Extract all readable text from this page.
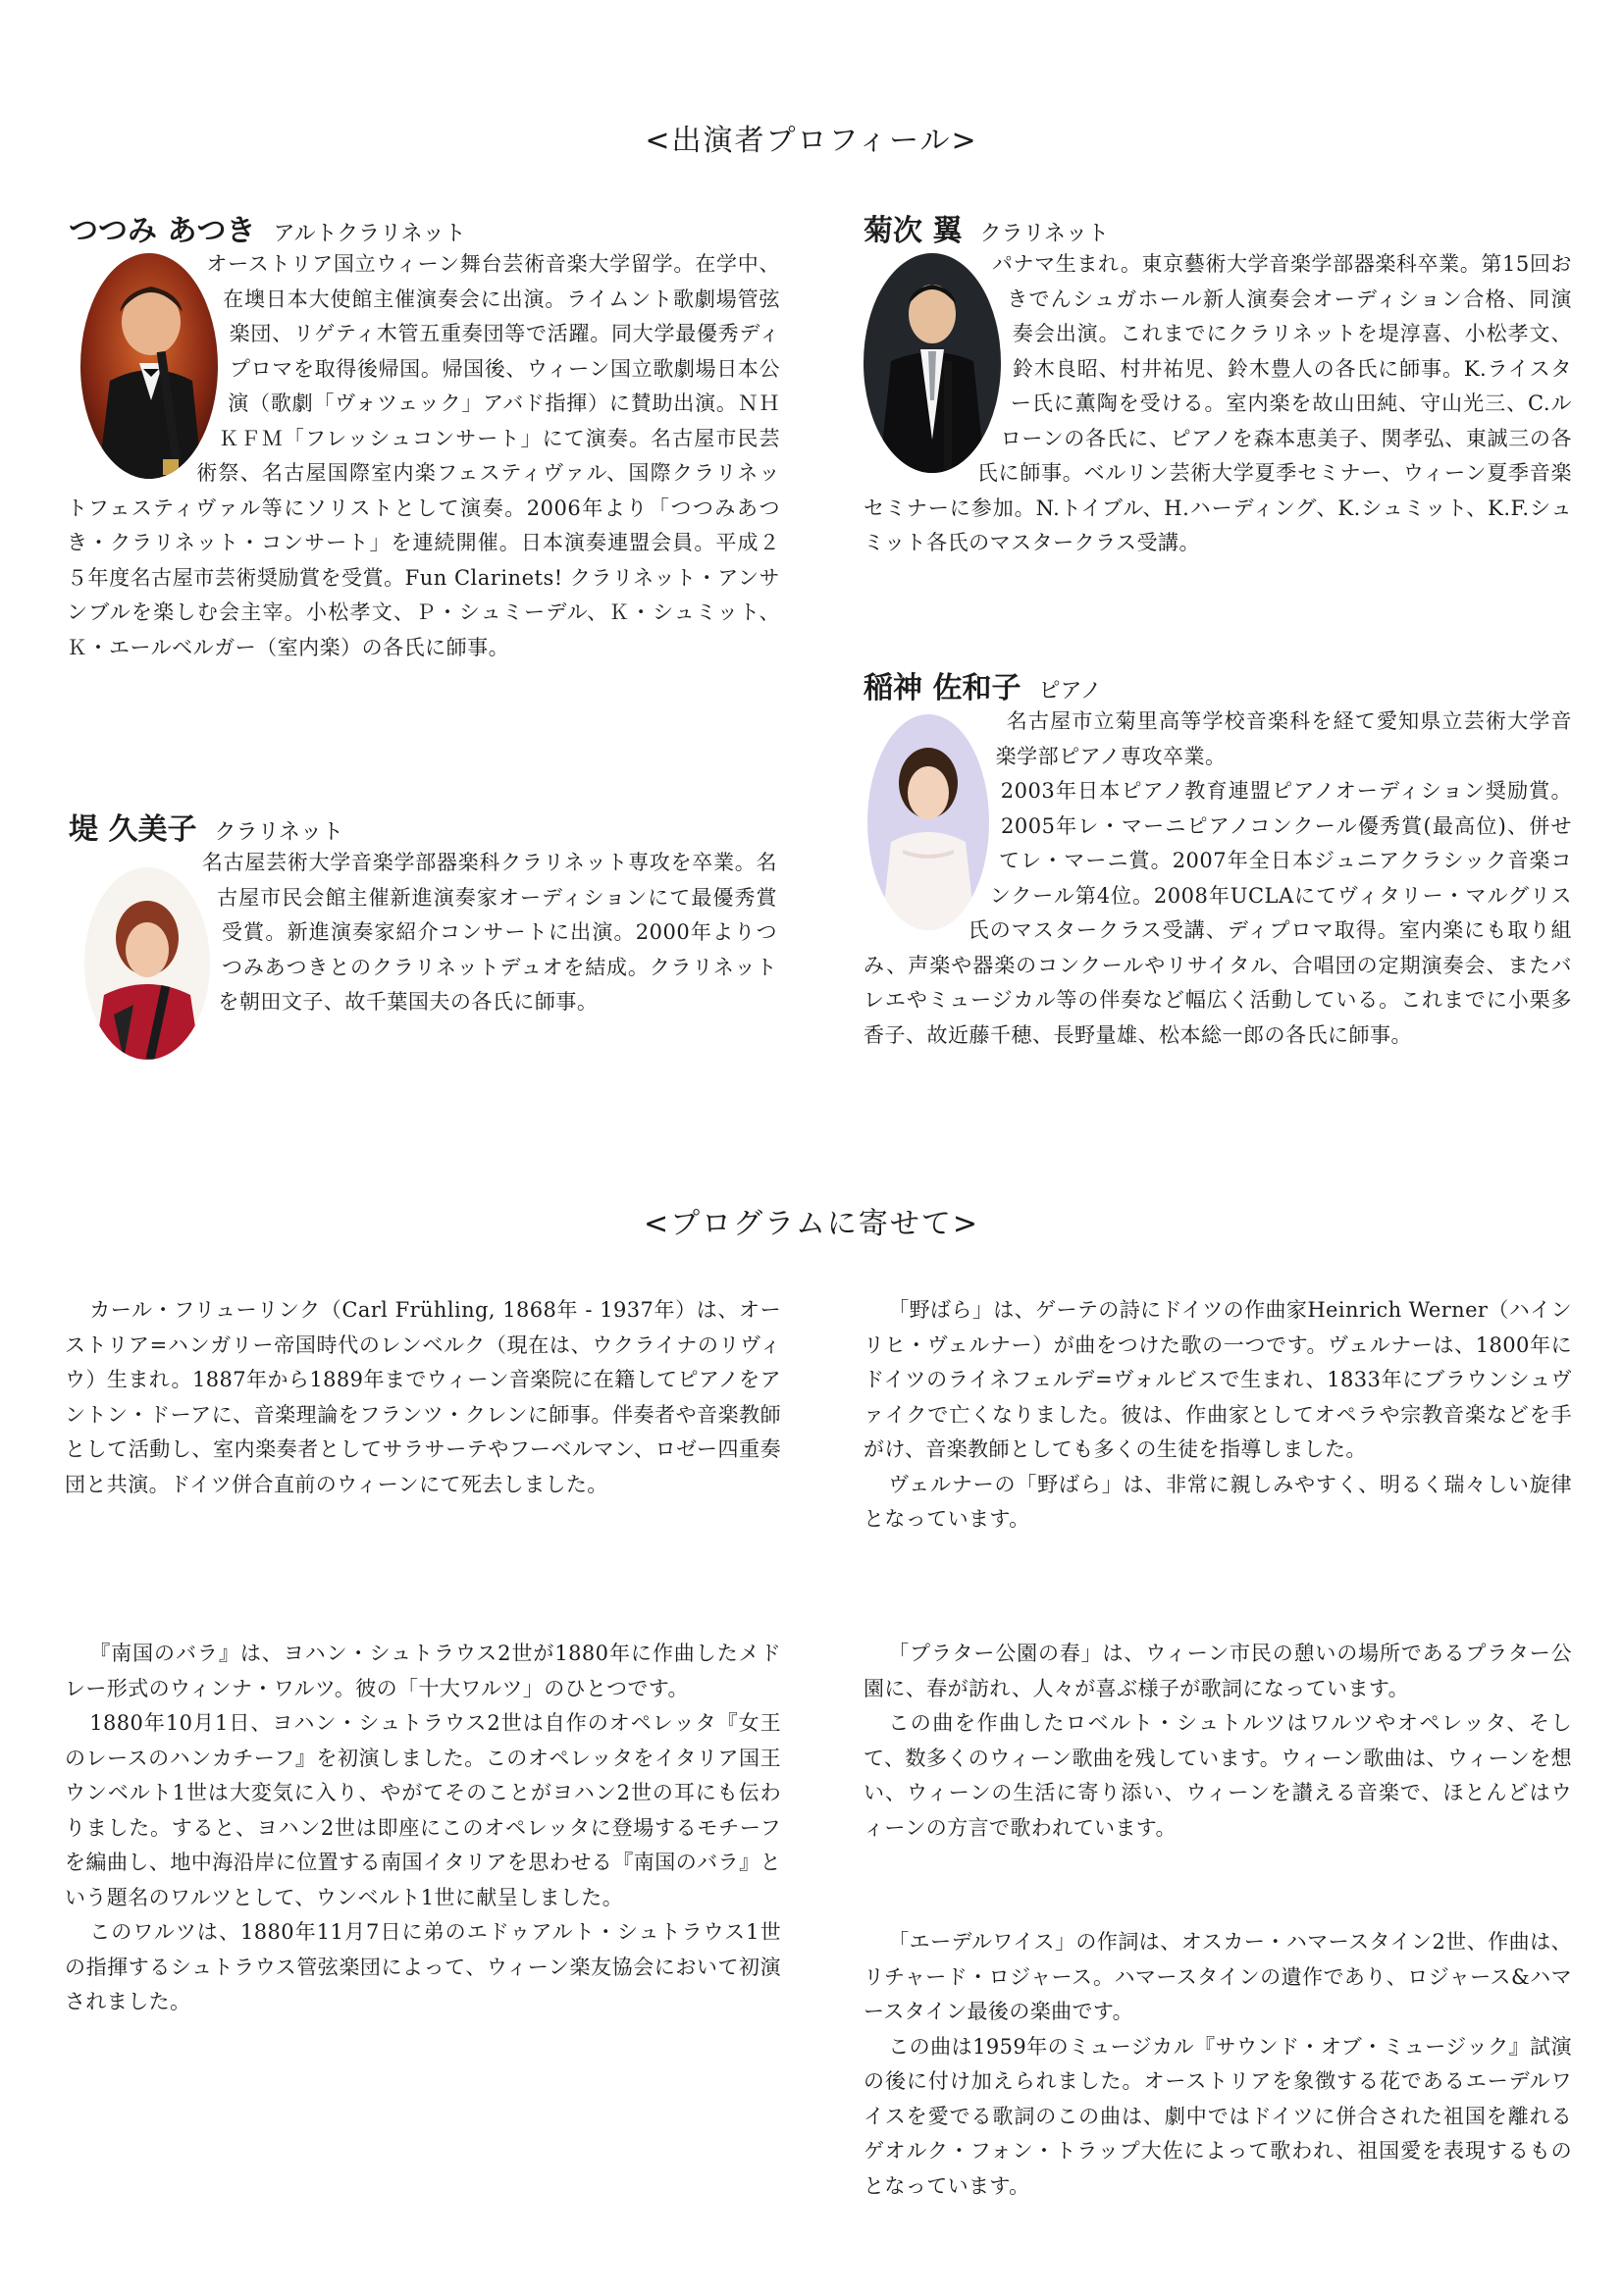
<出演者プロフィール>
つつみ あつき アルトクラリネット
オーストリア国立ウィーン舞台芸術音楽大学留学。在学中、在墺日本大使館主催演奏会に出演。ライムント歌劇場管弦楽団、リゲティ木管五重奏団等で活躍。同大学最優秀ディプロマを取得後帰国。帰国後、ウィーン国立歌劇場日本公演（歌劇「ヴォツェック」アバド指揮）に賛助出演。ＮＨＫＦＭ「フレッシュコンサート」にて演奏。名古屋市民芸術祭、名古屋国際室内楽フェスティヴァル、国際クラリネットフェスティヴァル等にソリストとして演奏。2006年より「つつみあつき・クラリネット・コンサート」を連続開催。日本演奏連盟会員。平成２５年度名古屋市芸術奨励賞を受賞。Fun Clarinets! クラリネット・アンサンブルを楽しむ会主宰。小松孝文、Ｐ・シュミーデル、Ｋ・シュミット、Ｋ・エールベルガー（室内楽）の各氏に師事。
堤 久美子 クラリネット
名古屋芸術大学音楽学部器楽科クラリネット専攻を卒業。名古屋市民会館主催新進演奏家オーディションにて最優秀賞受賞。新進演奏家紹介コンサートに出演。2000年よりつつみあつきとのクラリネットデュオを結成。クラリネットを朝田文子、故千葉国夫の各氏に師事。
菊次 翼 クラリネット
パナマ生まれ。東京藝術大学音楽学部器楽科卒業。第15回おきでんシュガホール新人演奏会オーディション合格、同演奏会出演。これまでにクラリネットを堤淳喜、小松孝文、鈴木良昭、村井祐児、鈴木豊人の各氏に師事。K.ライスター氏に薫陶を受ける。室内楽を故山田純、守山光三、C.ルローンの各氏に、ピアノを森本恵美子、関孝弘、東誠三の各氏に師事。ベルリン芸術大学夏季セミナー、ウィーン夏季音楽セミナーに参加。N.トイブル、H.ハーディング、K.シュミット、K.F.シュミット各氏のマスタークラス受講。
稲神 佐和子 ピアノ
名古屋市立菊里高等学校音楽科を経て愛知県立芸術大学音楽学部ピアノ専攻卒業。
2003年日本ピアノ教育連盟ピアノオーディション奨励賞。2005年レ・マーニピアノコンクール優秀賞(最高位)、併せてレ・マーニ賞。2007年全日本ジュニアクラシック音楽コンクール第4位。2008年UCLAにてヴィタリー・マルグリス氏のマスタークラス受講、ディプロマ取得。室内楽にも取り組み、声楽や器楽のコンクールやリサイタル、合唱団の定期演奏会、またバレエやミュージカル等の伴奏など幅広く活動している。これまでに小栗多香子、故近藤千穂、長野量雄、松本総一郎の各氏に師事。
<プログラムに寄せて>

カール・フリューリンク（Carl Frühling, 1868年 - 1937年）は、オーストリア=ハンガリー帝国時代のレンベルク（現在は、ウクライナのリヴィウ）生まれ。1887年から1889年までウィーン音楽院に在籍してピアノをアントン・ドーアに、音楽理論をフランツ・クレンに師事。伴奏者や音楽教師として活動し、室内楽奏者としてサラサーテやフーベルマン、ロゼー四重奏団と共演。ドイツ併合直前のウィーンにて死去しました。

『南国のバラ』は、ヨハン・シュトラウス2世が1880年に作曲したメドレー形式のウィンナ・ワルツ。彼の「十大ワルツ」のひとつです。

1880年10月1日、ヨハン・シュトラウス2世は自作のオペレッタ『女王のレースのハンカチーフ』を初演しました。このオペレッタをイタリア国王ウンベルト1世は大変気に入り、やがてそのことがヨハン2世の耳にも伝わりました。すると、ヨハン2世は即座にこのオペレッタに登場するモチーフを編曲し、地中海沿岸に位置する南国イタリアを思わせる『南国のバラ』という題名のワルツとして、ウンベルト1世に献呈しました。

このワルツは、1880年11月7日に弟のエドゥアルト・シュトラウス1世の指揮するシュトラウス管弦楽団によって、ウィーン楽友協会において初演されました。

「野ばら」は、ゲーテの詩にドイツの作曲家Heinrich Werner（ハインリヒ・ヴェルナー）が曲をつけた歌の一つです。ヴェルナーは、1800年にドイツのライネフェルデ=ヴォルビスで生まれ、1833年にブラウンシュヴァイクで亡くなりました。彼は、作曲家としてオペラや宗教音楽などを手がけ、音楽教師としても多くの生徒を指導しました。

ヴェルナーの「野ばら」は、非常に親しみやすく、明るく瑞々しい旋律となっています。

「プラター公園の春」は、ウィーン市民の憩いの場所であるプラター公園に、春が訪れ、人々が喜ぶ様子が歌詞になっています。

この曲を作曲したロベルト・シュトルツはワルツやオペレッタ、そして、数多くのウィーン歌曲を残しています。ウィーン歌曲は、ウィーンを想い、ウィーンの生活に寄り添い、ウィーンを讃える音楽で、ほとんどはウィーンの方言で歌われています。

「エーデルワイス」の作詞は、オスカー・ハマースタイン2世、作曲は、リチャード・ロジャース。ハマースタインの遺作であり、ロジャース&ハマースタイン最後の楽曲です。

この曲は1959年のミュージカル『サウンド・オブ・ミュージック』試演の後に付け加えられました。オーストリアを象徴する花であるエーデルワイスを愛でる歌詞のこの曲は、劇中ではドイツに併合された祖国を離れるゲオルク・フォン・トラップ大佐によって歌われ、祖国愛を表現するものとなっています。
